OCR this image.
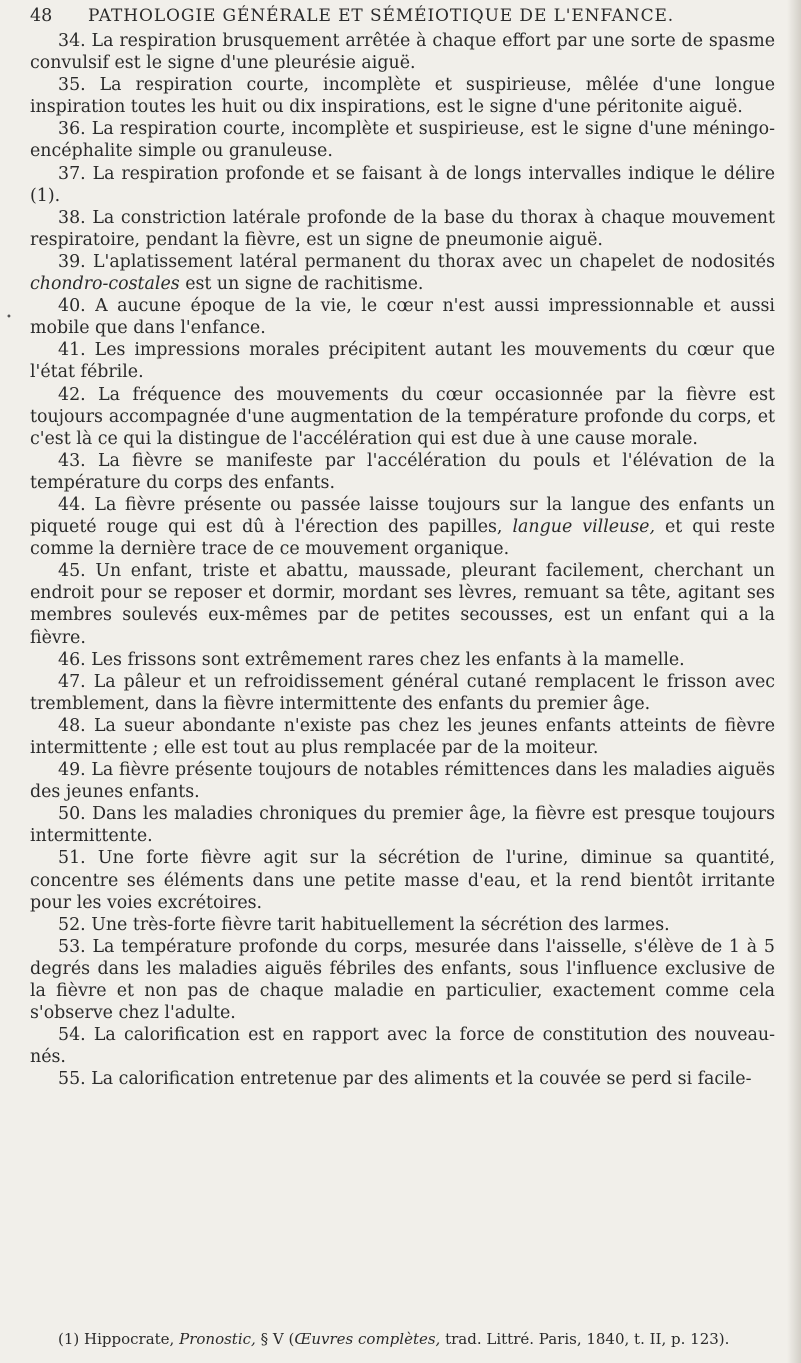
•
48 PATHOLOGIE GÉNÉRALE ET SÉMÉIOTIQUE DE L'ENFANCE.

34. La respiration brusquement arrêtée à chaque effort par une sorte de spasme convulsif est le signe d'une pleurésie aiguë.

35. La respiration courte, incomplète et suspirieuse, mêlée d'une longue inspiration toutes les huit ou dix inspirations, est le signe d'une péritonite aiguë.

36. La respiration courte, incomplète et suspirieuse, est le signe d'une méningo-encéphalite simple ou granuleuse.

37. La respiration profonde et se faisant à de longs intervalles indique le délire (1).

38. La constriction latérale profonde de la base du thorax à chaque mouvement respiratoire, pendant la fièvre, est un signe de pneumonie aiguë.

39. L'aplatissement latéral permanent du thorax avec un chapelet de nodosités chondro-costales est un signe de rachitisme.

40. A aucune époque de la vie, le cœur n'est aussi impressionnable et aussi mobile que dans l'enfance.

41. Les impressions morales précipitent autant les mouvements du cœur que l'état fébrile.

42. La fréquence des mouvements du cœur occasionnée par la fièvre est toujours accompagnée d'une augmentation de la température profonde du corps, et c'est là ce qui la distingue de l'accélération qui est due à une cause morale.

43. La fièvre se manifeste par l'accélération du pouls et l'élévation de la température du corps des enfants.

44. La fièvre présente ou passée laisse toujours sur la langue des enfants un piqueté rouge qui est dû à l'érection des papilles, langue villeuse, et qui reste comme la dernière trace de ce mouvement organique.

45. Un enfant, triste et abattu, maussade, pleurant facilement, cherchant un endroit pour se reposer et dormir, mordant ses lèvres, remuant sa tête, agitant ses membres soulevés eux-mêmes par de petites secousses, est un enfant qui a la fièvre.

46. Les frissons sont extrêmement rares chez les enfants à la mamelle.

47. La pâleur et un refroidissement général cutané remplacent le frisson avec tremblement, dans la fièvre intermittente des enfants du premier âge.

48. La sueur abondante n'existe pas chez les jeunes enfants atteints de fièvre intermittente ; elle est tout au plus remplacée par de la moiteur.

49. La fièvre présente toujours de notables rémittences dans les maladies aiguës des jeunes enfants.

50. Dans les maladies chroniques du premier âge, la fièvre est presque toujours intermittente.

51. Une forte fièvre agit sur la sécrétion de l'urine, diminue sa quantité, concentre ses éléments dans une petite masse d'eau, et la rend bientôt irritante pour les voies excrétoires.

52. Une très-forte fièvre tarit habituellement la sécrétion des larmes.

53. La température profonde du corps, mesurée dans l'aisselle, s'élève de 1 à 5 degrés dans les maladies aiguës fébriles des enfants, sous l'influence exclusive de la fièvre et non pas de chaque maladie en particulier, exactement comme cela s'observe chez l'adulte.

54. La calorification est en rapport avec la force de constitution des nouveau-nés.

55. La calorification entretenue par des aliments et la couvée se perd si facile-

(1) Hippocrate, Pronostic, § V (Œuvres complètes, trad. Littré. Paris, 1840, t. II, p. 123).
